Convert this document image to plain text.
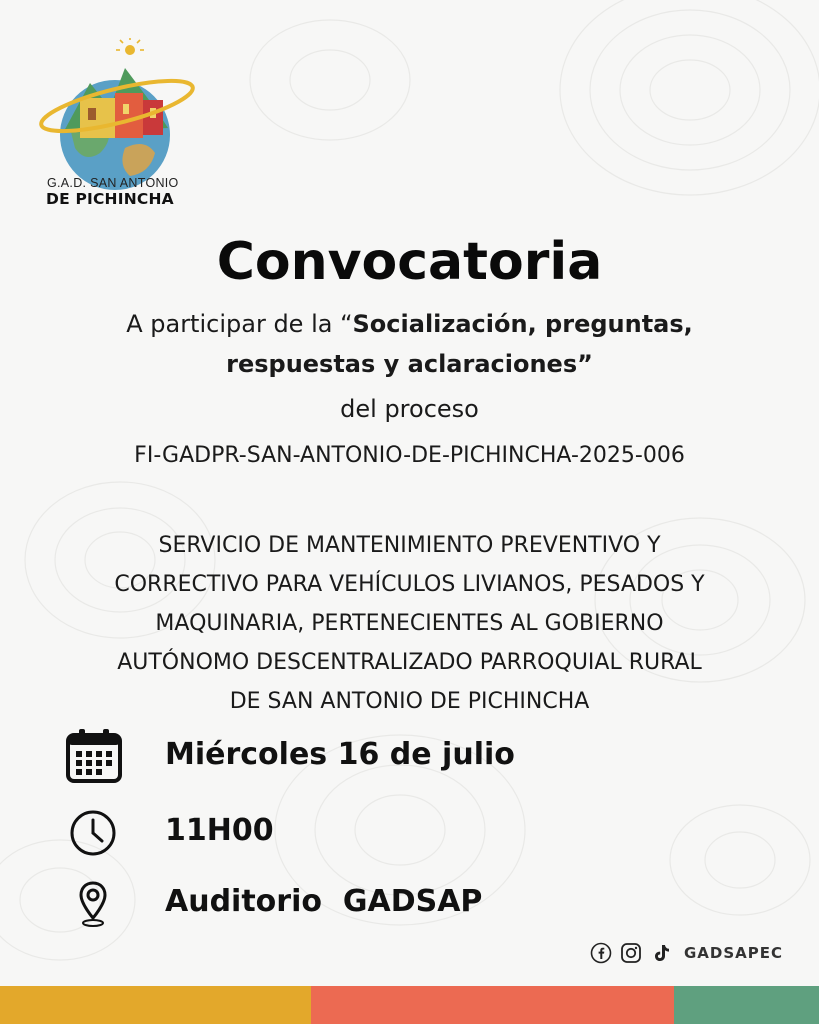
G.A.D. SAN ANTONIO
DE PICHINCHA
Convocatoria
A participar de la “Socialización, preguntas,
respuestas y aclaraciones”
del proceso
FI-GADPR-SAN-ANTONIO-DE-PICHINCHA-2025-006
SERVICIO DE MANTENIMIENTO PREVENTIVO Y
CORRECTIVO PARA VEHÍCULOS LIVIANOS, PESADOS Y
MAQUINARIA, PERTENECIENTES AL GOBIERNO
AUTÓNOMO DESCENTRALIZADO PARROQUIAL RURAL
DE SAN ANTONIO DE PICHINCHA
Miércoles 16 de julio
11H00
Auditorio  GADSAP
GADSAPEC
